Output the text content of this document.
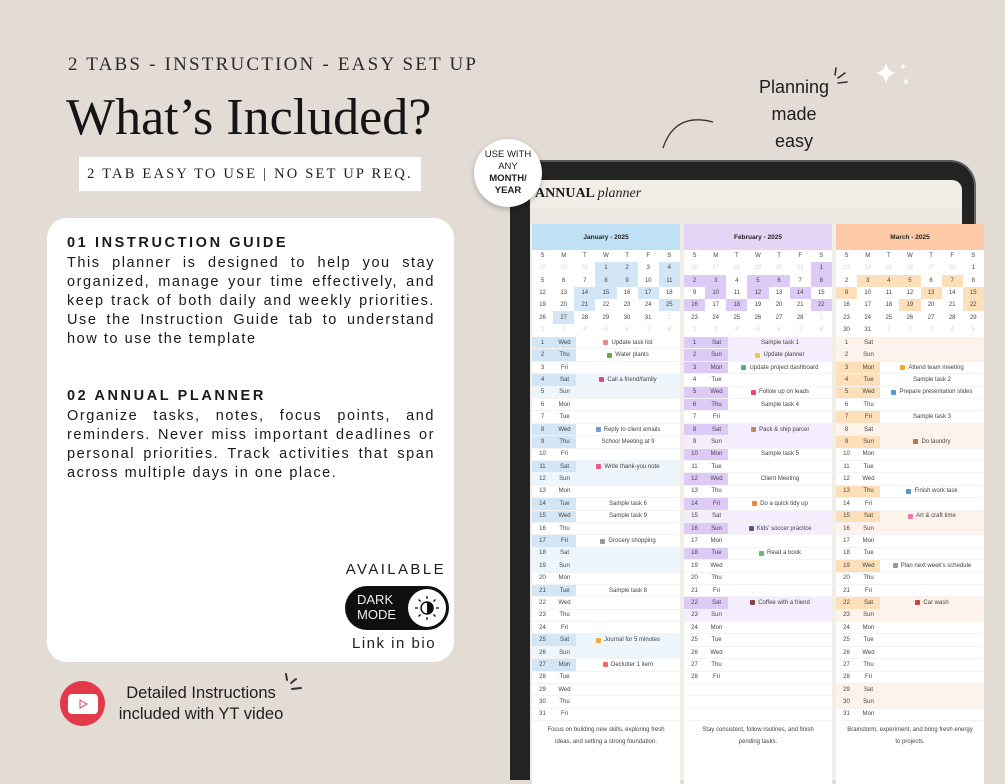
2 TABS - INSTRUCTION - EASY SET UP
What’s Included?
2 TAB EASY TO USE | NO SET UP REQ.
01 INSTRUCTION GUIDE
This planner is designed to help you stay organized, manage your time effectively, and keep track of both daily and weekly priorities. Use the Instruction Guide tab to understand how to use the template
02 ANNUAL PLANNER
Organize tasks, notes, focus points, and reminders. Never miss important deadlines or personal priorities. Track activities that span across multiple days in one place.
AVAILABLE
DARK
MODE
Link in bio
Detailed Instructions
included with YT video
Planning
made
easy
ANNUAL planner
January - 2025
S	M	T	W	T	F	S
29	30	31	1	2	3	4
5	6	7	8	9	10	11
12	13	14	15	16	17	18
19	20	21	22	23	24	25
26	27	28	29	30	31	1
2	3	4	5	6	7	8
1	Wed	Update task list
2	Thu	Water plants
3	Fri
4	Sat	Call a friend/family
5	Sun
6	Mon
7	Tue
8	Wed	Reply to client emails
9	Thu	School Meeting at 9
10	Fri
11	Sat	Write thank-you note
12	Sun
13	Mon
14	Tue	Sample task 6
15	Wed	Sample task 9
16	Thu
17	Fri	Grocery shopping
18	Sat
19	Sun
20	Mon
21	Tue	Sample task 8
22	Wed
23	Thu
24	Fri
25	Sat	Journal for 5 minutes
26	Sun
27	Mon	Declutter 1 item
28	Tue
29	Wed
30	Thu
31	Fri
Focus on building new skills, exploring fresh ideas, and setting a strong foundation.
February - 2025
S	M	T	W	T	F	S
26	27	28	29	30	31	1
2	3	4	5	6	7	8
9	10	11	12	13	14	15
16	17	18	19	20	21	22
23	24	25	26	27	28	1
2	3	4	5	6	7	8
1	Sat	Sample task 1
2	Sun	Update planner
3	Mon	Update project dashboard
4	Tue
5	Wed	Follow up on leads
6	Thu	Sample task 4
7	Fri
8	Sat	Pack & ship parcel
9	Sun
10	Mon	Sample task 5
11	Tue
12	Wed	Client Meeting
13	Thu
14	Fri	Do a quick tidy up
15	Sat
16	Sun	Kids' soccer practice
17	Mon
18	Tue	Read a book
19	Wed
20	Thu
21	Fri
22	Sat	Coffee with a friend
23	Sun
24	Mon
25	Tue
26	Wed
27	Thu
28	Fri
Stay consistent, follow routines, and finish pending tasks.
March - 2025
S	M	T	W	T	F	S
23	24	25	26	27	28	1
2	3	4	5	6	7	8
9	10	11	12	13	14	15
16	17	18	19	20	21	22
23	24	25	26	27	28	29
30	31	1	2	3	4	5
1	Sat
2	Sun
3	Mon	Attend team meeting
4	Tue	Sample task 2
5	Wed	Prepare presentation slides
6	Thu
7	Fri	Sample task 3
8	Sat
9	Sun	Do laundry
10	Mon
11	Tue
12	Wed
13	Thu	Finish work task
14	Fri
15	Sat	Art & craft time
16	Sun
17	Mon
18	Tue
19	Wed	Plan next week's schedule
20	Thu
21	Fri
22	Sat	Car wash
23	Sun
24	Mon
25	Tue
26	Wed
27	Thu
28	Fri
29	Sat
30	Sun
31	Mon
Brainstorm, experiment, and bring fresh energy to projects.
USE WITH
ANY
MONTH/
YEAR
